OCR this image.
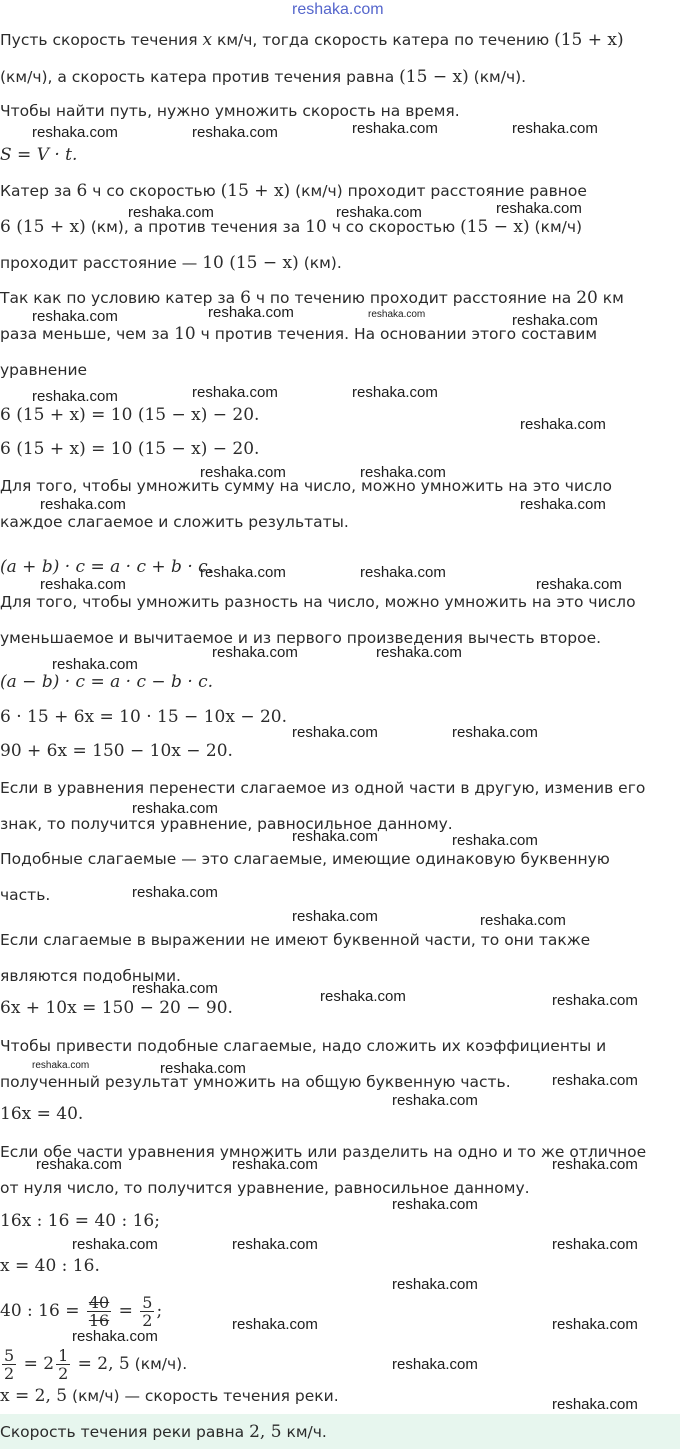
reshaka.com
Пусть скорость течения x км/ч, тогда скорость катера по течению (15 + x)
(км/ч), а скорость катера против течения равна (15 − x) (км/ч).
Чтобы найти путь, нужно умножить скорость на время.
S = V · t.
Катер за 6 ч со скоростью (15 + x) (км/ч) проходит расстояние равное
6 (15 + x) (км), а против течения за 10 ч со скоростью (15 − x) (км/ч)
проходит расстояние — 10 (15 − x) (км).
Так как по условию катер за 6 ч по течению проходит расстояние на 20 км
раза меньше, чем за 10 ч против течения. На основании этого составим
уравнение
6 (15 + x) = 10 (15 − x) − 20.
6 (15 + x) = 10 (15 − x) − 20.
Для того, чтобы умножить сумму на число, можно умножить на это число
каждое слагаемое и сложить результаты.
(a + b) · c = a · c + b · c.
Для того, чтобы умножить разность на число, можно умножить на это число
уменьшаемое и вычитаемое и из первого произведения вычесть второе.
(a − b) · c = a · c − b · c.
6 · 15 + 6x = 10 · 15 − 10x − 20.
90 + 6x = 150 − 10x − 20.
Если в уравнения перенести слагаемое из одной части в другую, изменив его
знак, то получится уравнение, равносильное данному.
Подобные слагаемые — это слагаемые, имеющие одинаковую буквенную
часть.
Если слагаемые в выражении не имеют буквенной части, то они также
являются подобными.
6x + 10x = 150 − 20 − 90.
Чтобы привести подобные слагаемые, надо сложить их коэффициенты и
полученный результат умножить на общую буквенную часть.
16x = 40.
Если обе части уравнения умножить или разделить на одно и то же отличное
от нуля число, то получится уравнение, равносильное данному.
16x : 16 = 40 : 16;
x = 40 : 16.
40 : $16 = \frac{40}{16} = \frac{5}{2}$ ;
$\frac{5}{2} = 2 \frac{1}{2} = 2$, 5 (км/ч).
x = 2, 5 (км/ч) — скорость течения реки.
Скорость течения реки равна 2, 5 км/ч.
reshaka.com	reshaka.com	reshaka.com	reshaka.com
reshaka.com	reshaka.com	reshaka.com
reshaka.com	reshaka.com	reshaka.com	reshaka.com
reshaka.com	reshaka.com	reshaka.com
reshaka.com
reshaka.com	reshaka.com
reshaka.com	reshaka.com
reshaka.com	reshaka.com
reshaka.com	reshaka.com
reshaka.com	reshaka.com
reshaka.com
reshaka.com	reshaka.com
reshaka.com
reshaka.com	reshaka.com
reshaka.com
reshaka.com	reshaka.com
reshaka.com	reshaka.com	reshaka.com
reshaka.com	reshaka.com
reshaka.com
reshaka.com
reshaka.com	reshaka.com	reshaka.com
reshaka.com
reshaka.com	reshaka.com	reshaka.com
reshaka.com
reshaka.com
reshaka.com	reshaka.com
reshaka.com
reshaka.com
